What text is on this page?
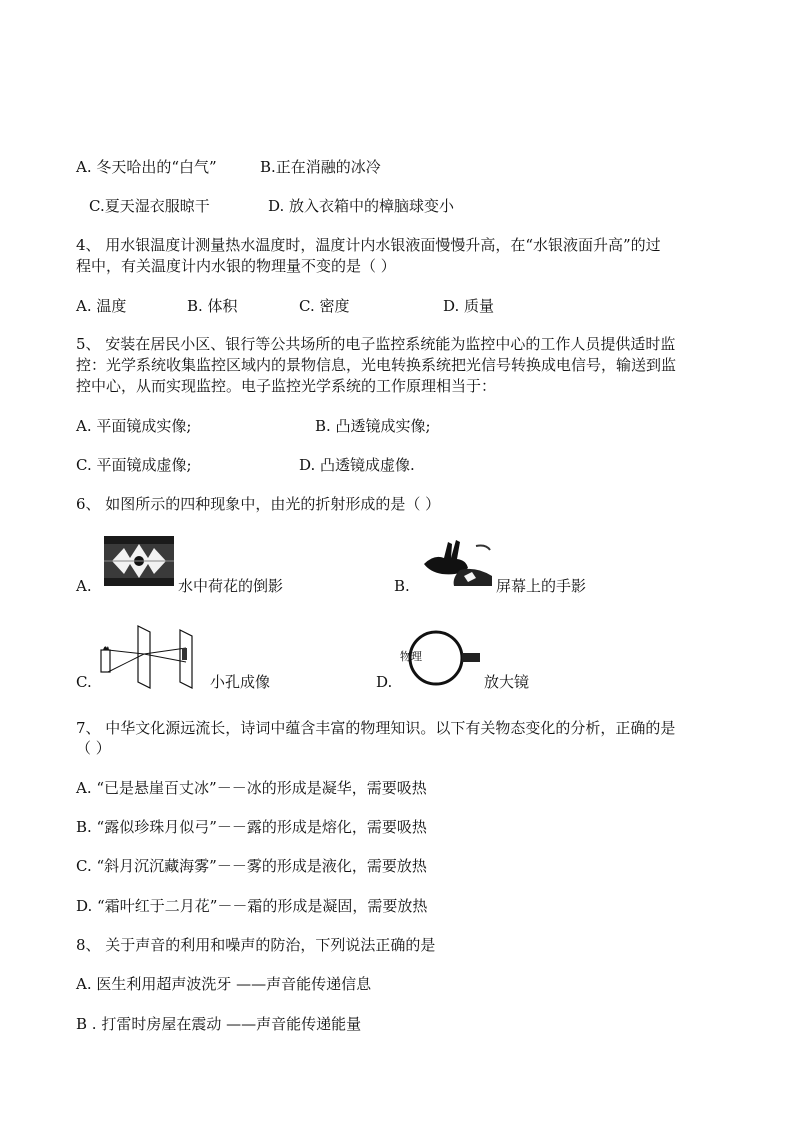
A. 冬天哈出的“白气”	B.正在消融的冰冷
C.夏天湿衣服晾干	D. 放入衣箱中的樟脑球变小
4、 用水银温度计测量热水温度时，温度计内水银液面慢慢升高，在“水银液面升高”的过
程中，有关温度计内水银的物理量不变的是（ ）
A. 温度	B. 体积	C. 密度	D. 质量
5、 安装在居民小区、银行等公共场所的电子监控系统能为监控中心的工作人员提供适时监
控：光学系统收集监控区域内的景物信息，光电转换系统把光信号转换成电信号，输送到监
控中心，从而实现监控。电子监控光学系统的工作原理相当于：
A. 平面镜成实像;	B. 凸透镜成实像;
C. 平面镜成虚像;	D. 凸透镜成虚像.
6、 如图所示的四种现象中，由光的折射形成的是（ ）
A.	水中荷花的倒影	B.	屏幕上的手影
C.	小孔成像	D.
物理
放大镜
7、 中华文化源远流长，诗词中蕴含丰富的物理知识。以下有关物态变化的分析，正确的是
（ ）
A. “已是悬崖百丈冰”－－冰的形成是凝华，需要吸热
B. “露似珍珠月似弓”－－露的形成是熔化，需要吸热
C. “斜月沉沉藏海雾”－－雾的形成是液化，需要放热
D. “霜叶红于二月花”－－霜的形成是凝固，需要放热
8、 关于声音的利用和噪声的防治，下列说法正确的是
A. 医生利用超声波洗牙 ——声音能传递信息
B . 打雷时房屋在震动 ——声音能传递能量
